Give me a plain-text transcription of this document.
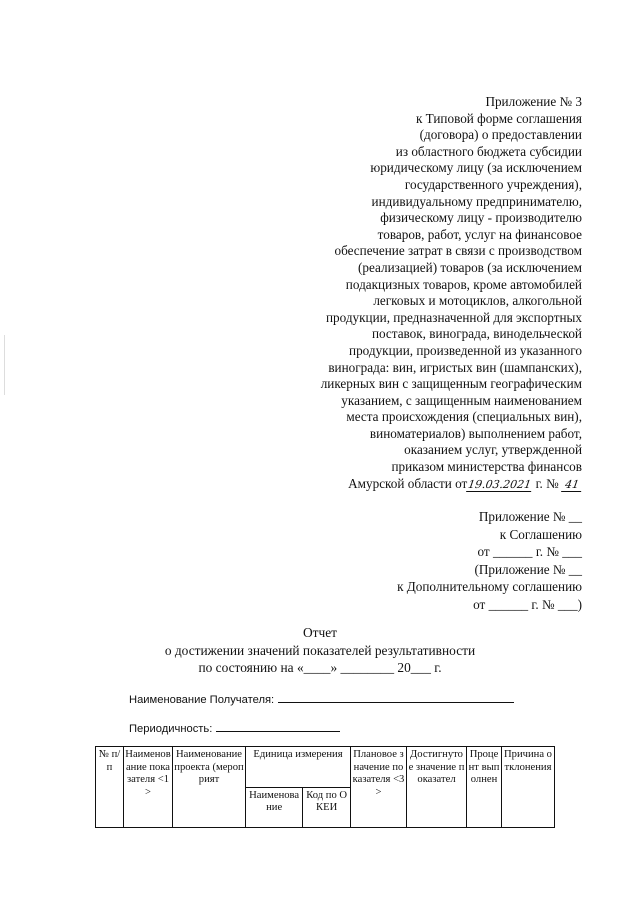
Приложение № 3
к Типовой форме соглашения
(договора) о предоставлении
из областного бюджета субсидии
юридическому лицу (за исключением
государственного учреждения),
индивидуальному предпринимателю,
физическому лицу - производителю
товаров, работ, услуг на финансовое
обеспечение затрат в связи с производством
(реализацией) товаров (за исключением
подакцизных товаров, кроме автомобилей
легковых и мотоциклов, алкогольной
продукции, предназначенной для экспортных
поставок, винограда, винодельческой
продукции, произведенной из указанного
винограда: вин, игристых вин (шампанских),
ликерных вин с защищенным географическим
указанием, с защищенным наименованием
места происхождения (специальных вин),
виноматериалов) выполнением работ,
оказанием услуг, утвержденной
приказом министерства финансов
Амурской области от19.03.2021 г. № 41
Приложение № __
к Соглашению
от ______ г. № ___
(Приложение № __
к Дополнительному соглашению
от ______ г. № ___)
Отчет
о достижении значений показателей результативности
по состоянию на «____» ________ 20___ г.
Наименование Получателя:
Периодичность:
№ п/п	Наименование показателя <1>	Наименование проекта (мероприят	Единица измерения		Плановое значение показателя <3>	Достигнутое значение показател	Процент выполнен	Причина отклонения
			Наименование	Код по ОКЕИ				
